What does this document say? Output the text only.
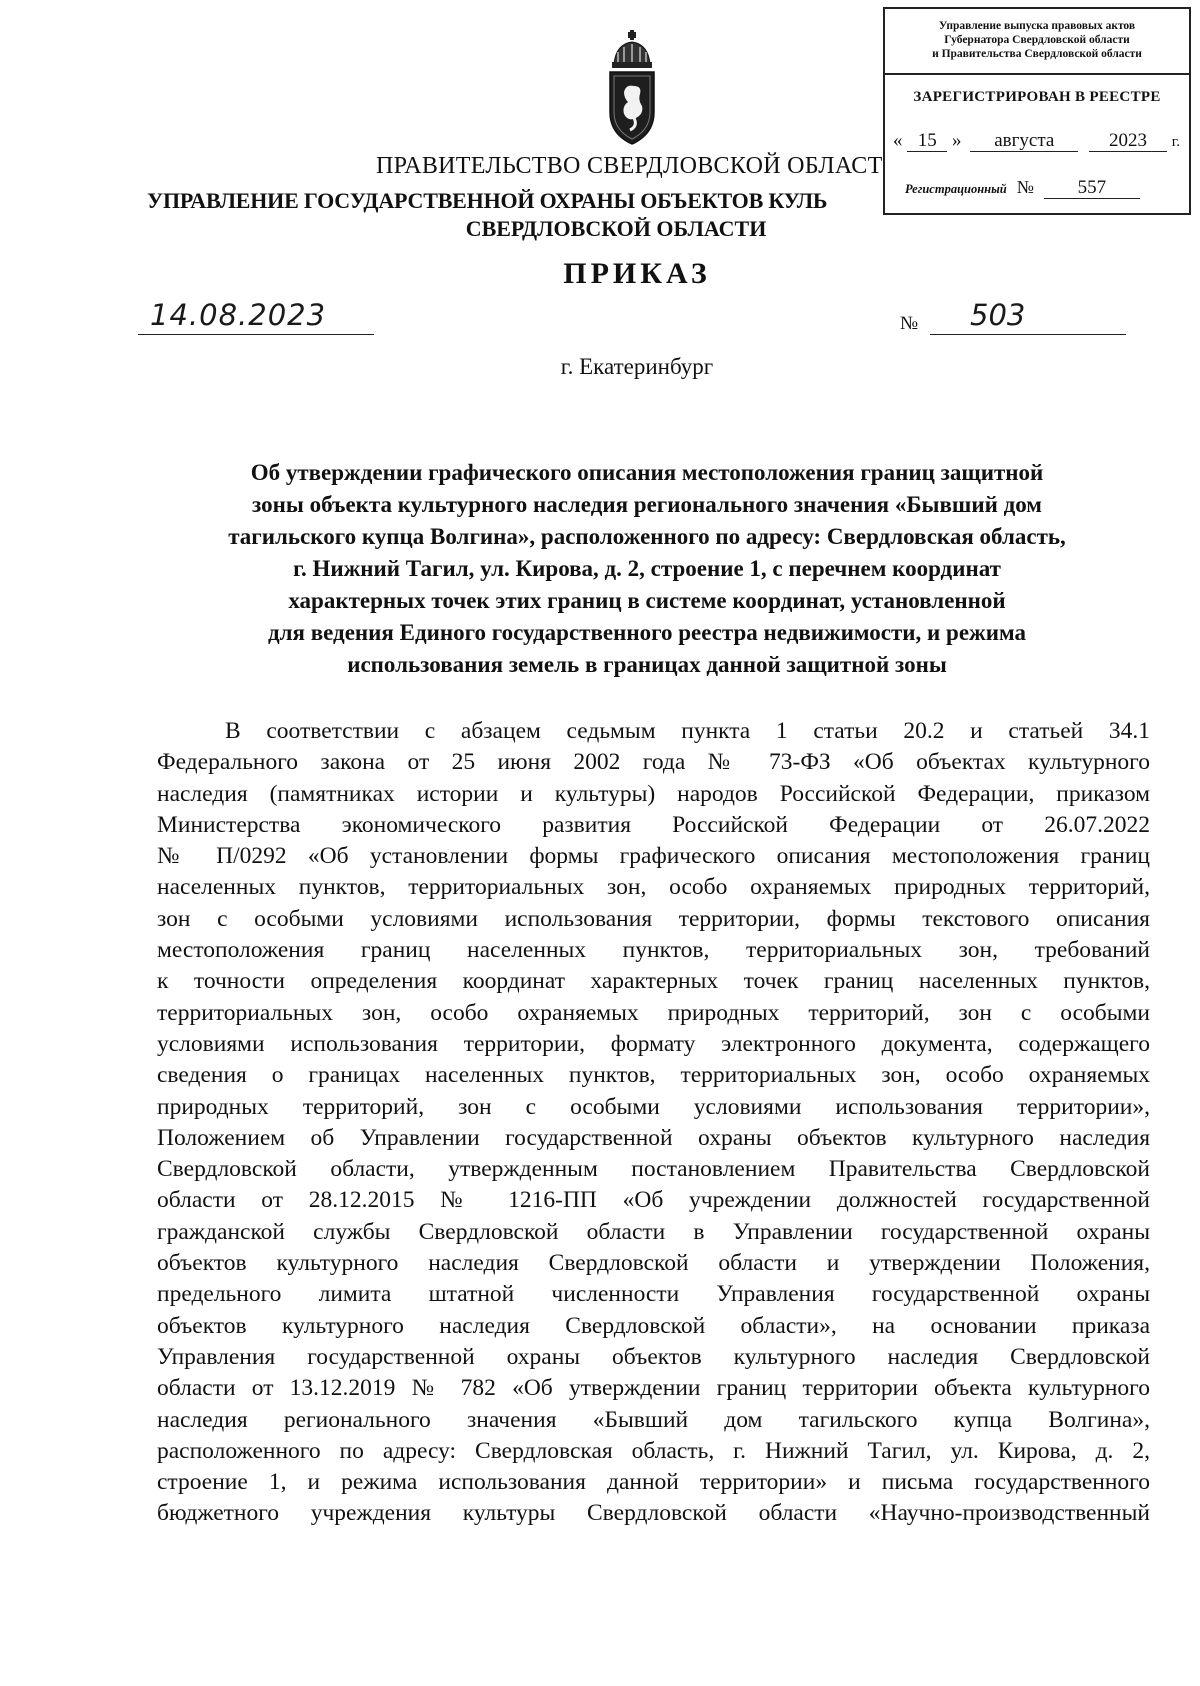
Управление выпуска правовых актов
Губернатора Свердловской области
и Правительства Свердловской области
ЗАРЕГИСТРИРОВАН В РЕЕСТРЕ
« 15 » августа	2023 г.
Регистрационный № 557
ПРАВИТЕЛЬСТВО СВЕРДЛОВСКОЙ ОБЛАСТ
УПРАВЛЕНИЕ ГОСУДАРСТВЕННОЙ ОХРАНЫ ОБЪЕКТОВ КУЛЬ
СВЕРДЛОВСКОЙ ОБЛАСТИ
ПРИКАЗ
14.08.2023	№	503
г. Екатеринбург
Об утверждении графического описания местоположения границ защитной
зоны объекта культурного наследия регионального значения «Бывший дом
тагильского купца Волгина», расположенного по адресу: Свердловская область,
г. Нижний Тагил, ул. Кирова, д. 2, строение 1, с перечнем координат
характерных точек этих границ в системе координат, установленной
для ведения Единого государственного реестра недвижимости, и режима
использования земель в границах данной защитной зоны
В соответствии с абзацем седьмым пункта 1 статьи 20.2 и статьей 34.1
Федерального закона от 25 июня 2002 года № 73-ФЗ «Об объектах культурного
наследия (памятниках истории и культуры) народов Российской Федерации, приказом
Министерства экономического развития Российской Федерации от 26.07.2022
№ П/0292 «Об установлении формы графического описания местоположения границ
населенных пунктов, территориальных зон, особо охраняемых природных территорий,
зон с особыми условиями использования территории, формы текстового описания
местоположения границ населенных пунктов, территориальных зон, требований
к точности определения координат характерных точек границ населенных пунктов,
территориальных зон, особо охраняемых природных территорий, зон с особыми
условиями использования территории, формату электронного документа, содержащего
сведения о границах населенных пунктов, территориальных зон, особо охраняемых
природных территорий, зон с особыми условиями использования территории»,
Положением об Управлении государственной охраны объектов культурного наследия
Свердловской области, утвержденным постановлением Правительства Свердловской
области от 28.12.2015 № 1216-ПП «Об учреждении должностей государственной
гражданской службы Свердловской области в Управлении государственной охраны
объектов культурного наследия Свердловской области и утверждении Положения,
предельного лимита штатной численности Управления государственной охраны
объектов культурного наследия Свердловской области», на основании приказа
Управления государственной охраны объектов культурного наследия Свердловской
области от 13.12.2019 № 782 «Об утверждении границ территории объекта культурного
наследия регионального значения «Бывший дом тагильского купца Волгина»,
расположенного по адресу: Свердловская область, г. Нижний Тагил, ул. Кирова, д. 2,
строение 1, и режима использования данной территории» и письма государственного
бюджетного учреждения культуры Свердловской области «Научно-производственный
